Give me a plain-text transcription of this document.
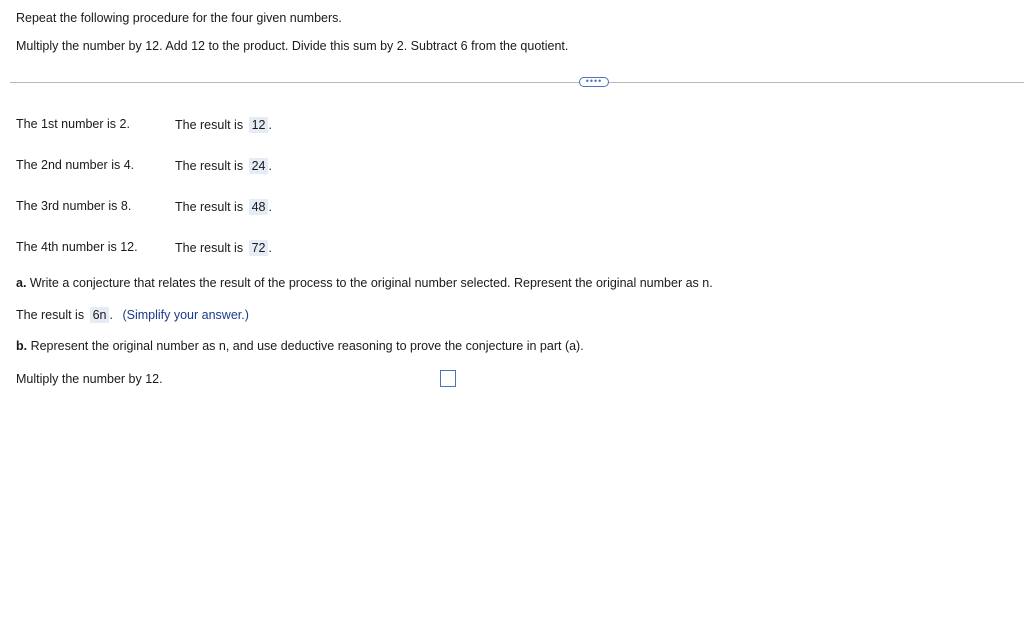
Repeat the following procedure for the four given numbers.
Multiply the number by 12. Add 12 to the product. Divide this sum by 2. Subtract 6 from the quotient.
••••
The 1st number is 2.	The result is 12 .
The 2nd number is 4.	The result is 24 .
The 3rd number is 8.	The result is 48 .
The 4th number is 12.	The result is 72 .
a. Write a conjecture that relates the result of the process to the original number selected. Represent the original number as n.
The result is 6n . (Simplify your answer.)
b. Represent the original number as n, and use deductive reasoning to prove the conjecture in part (a).
Multiply the number by 12.
